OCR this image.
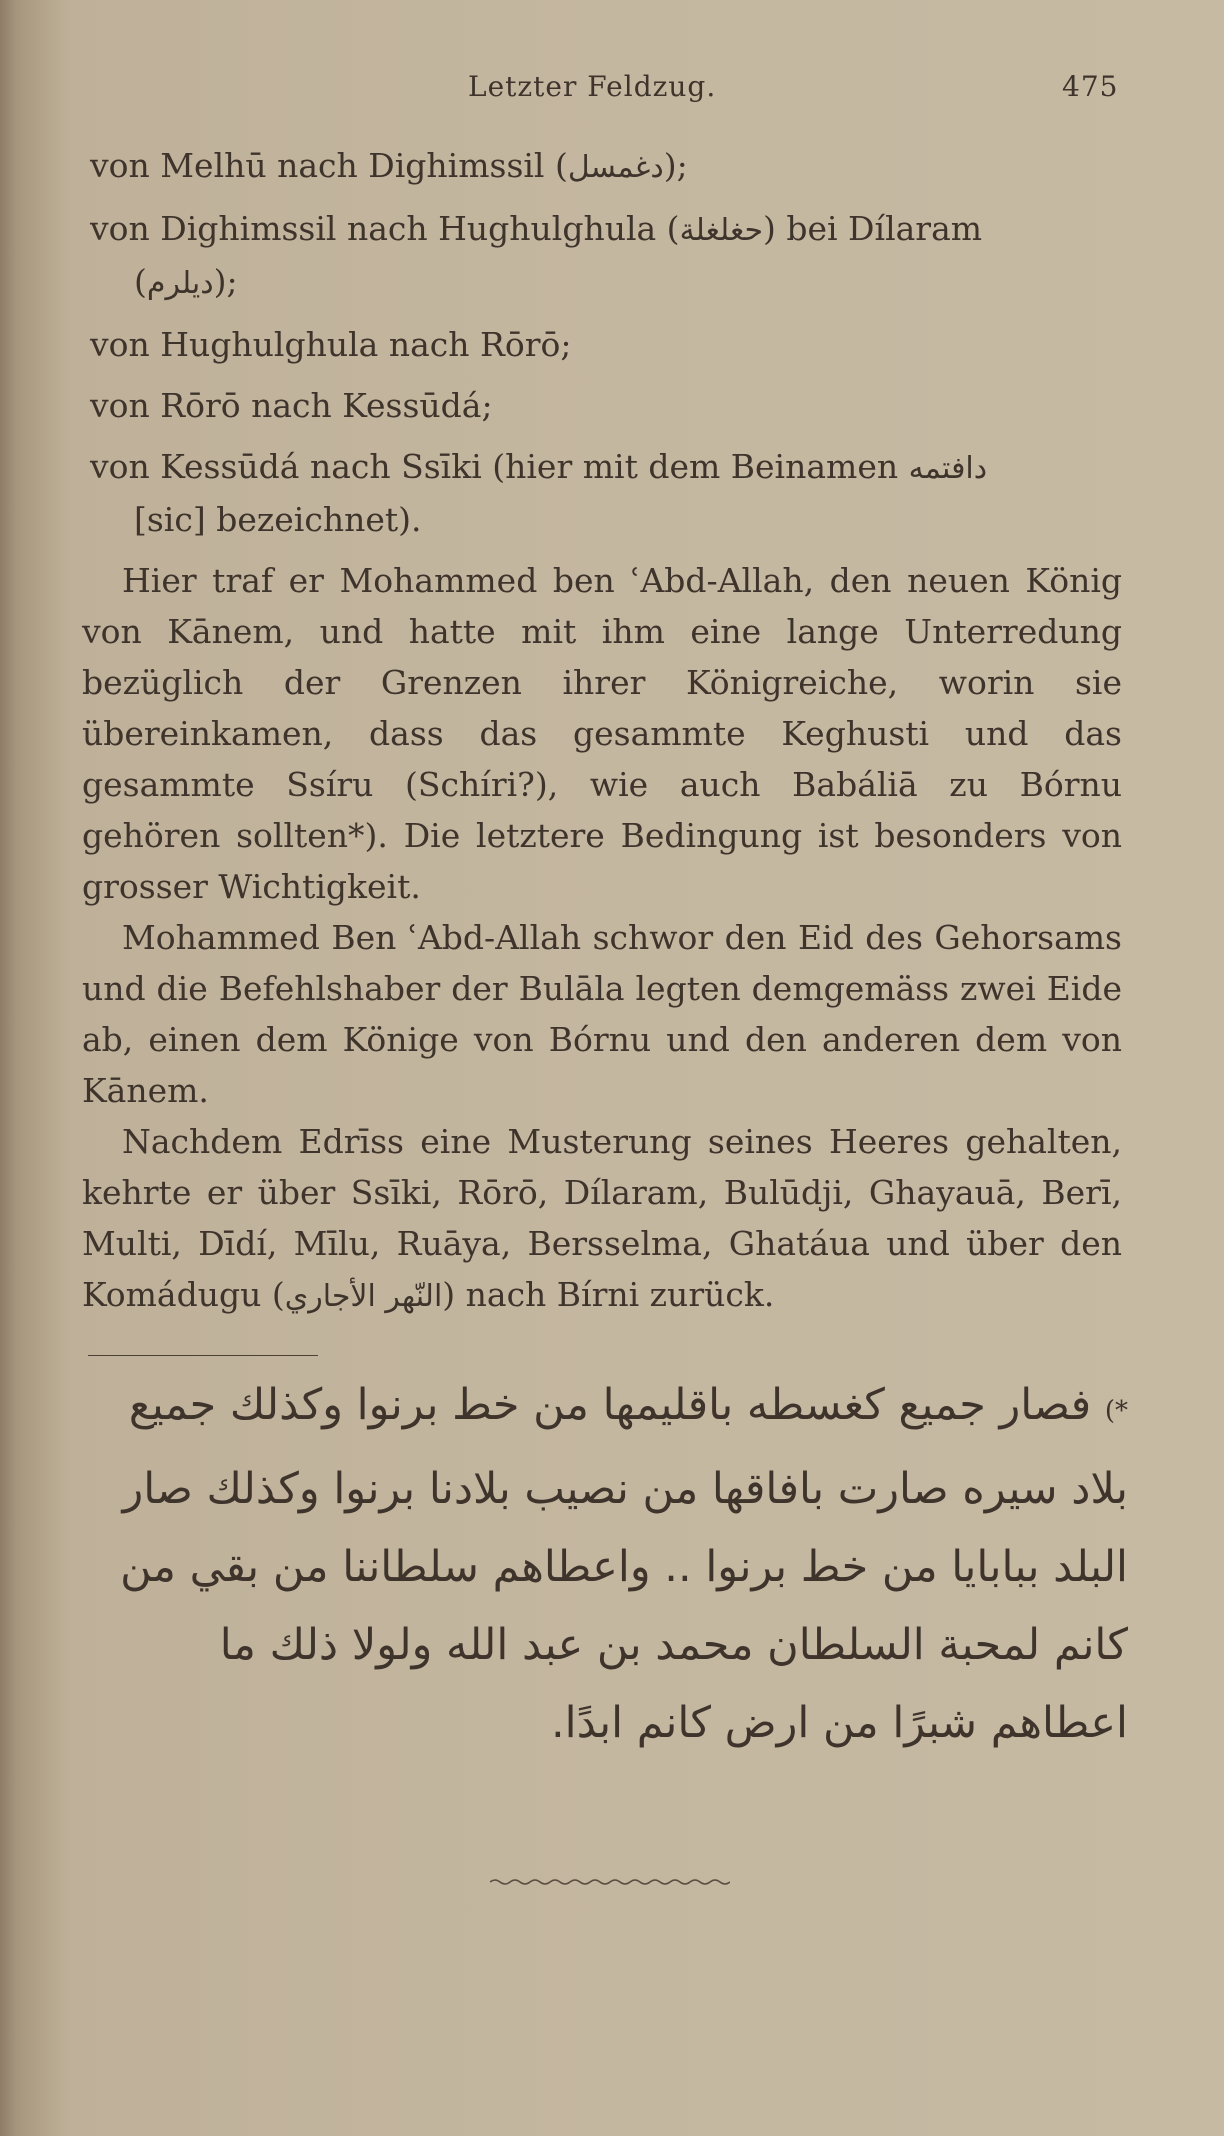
Letzter Feldzug.	475
von Melhū nach Dighimssil (دغمسل);
von Dighimssil nach Hughulghula (حغلغلة) bei Dílaram
(ديلرم);
von Hughulghula nach Rōrō;
von Rōrō nach Kessūdá;
von Kessūdá nach Ssīki (hier mit dem Beinamen دافتمه
[sic] bezeichnet).

Hier traf er Mohammed ben ʿAbd-Allah, den neuen König von Kānem, und hatte mit ihm eine lange Unterredung bezüglich der Grenzen ihrer Königreiche, worin sie übereinkamen, dass das gesammte Keghusti und das gesammte Ssíru (Schíri?), wie auch Babáliā zu Bórnu gehören sollten*). Die letztere Bedingung ist besonders von grosser Wichtigkeit.

Mohammed Ben ʿAbd-Allah schwor den Eid des Gehorsams und die Befehlshaber der Bulāla legten demgemäss zwei Eide ab, einen dem Könige von Bórnu und den anderen dem von Kānem.

Nachdem Edrīss eine Musterung seines Heeres gehalten, kehrte er über Ssīki, Rōrō, Dílaram, Bulūdji, Ghayauā, Berī, Multi, Dīdí, Mīlu, Ruāya, Bersselma, Ghatáua und über den Komádugu (النّهر الأجاري) nach Bírni zurück.

*) فصار جميع كغسطه باقليمها من خط برنوا وكذلك جميع بلاد سيره صارت بافاقها من نصيب بلادنا برنوا وكذلك صار البلد ببابايا من خط برنوا .. واعطاهم سلطاننا من بقي من كانم لمحبة السلطان محمد بن عبد الله ولولا ذلك ما اعطاهم شبرًا من ارض كانم ابدًا.
